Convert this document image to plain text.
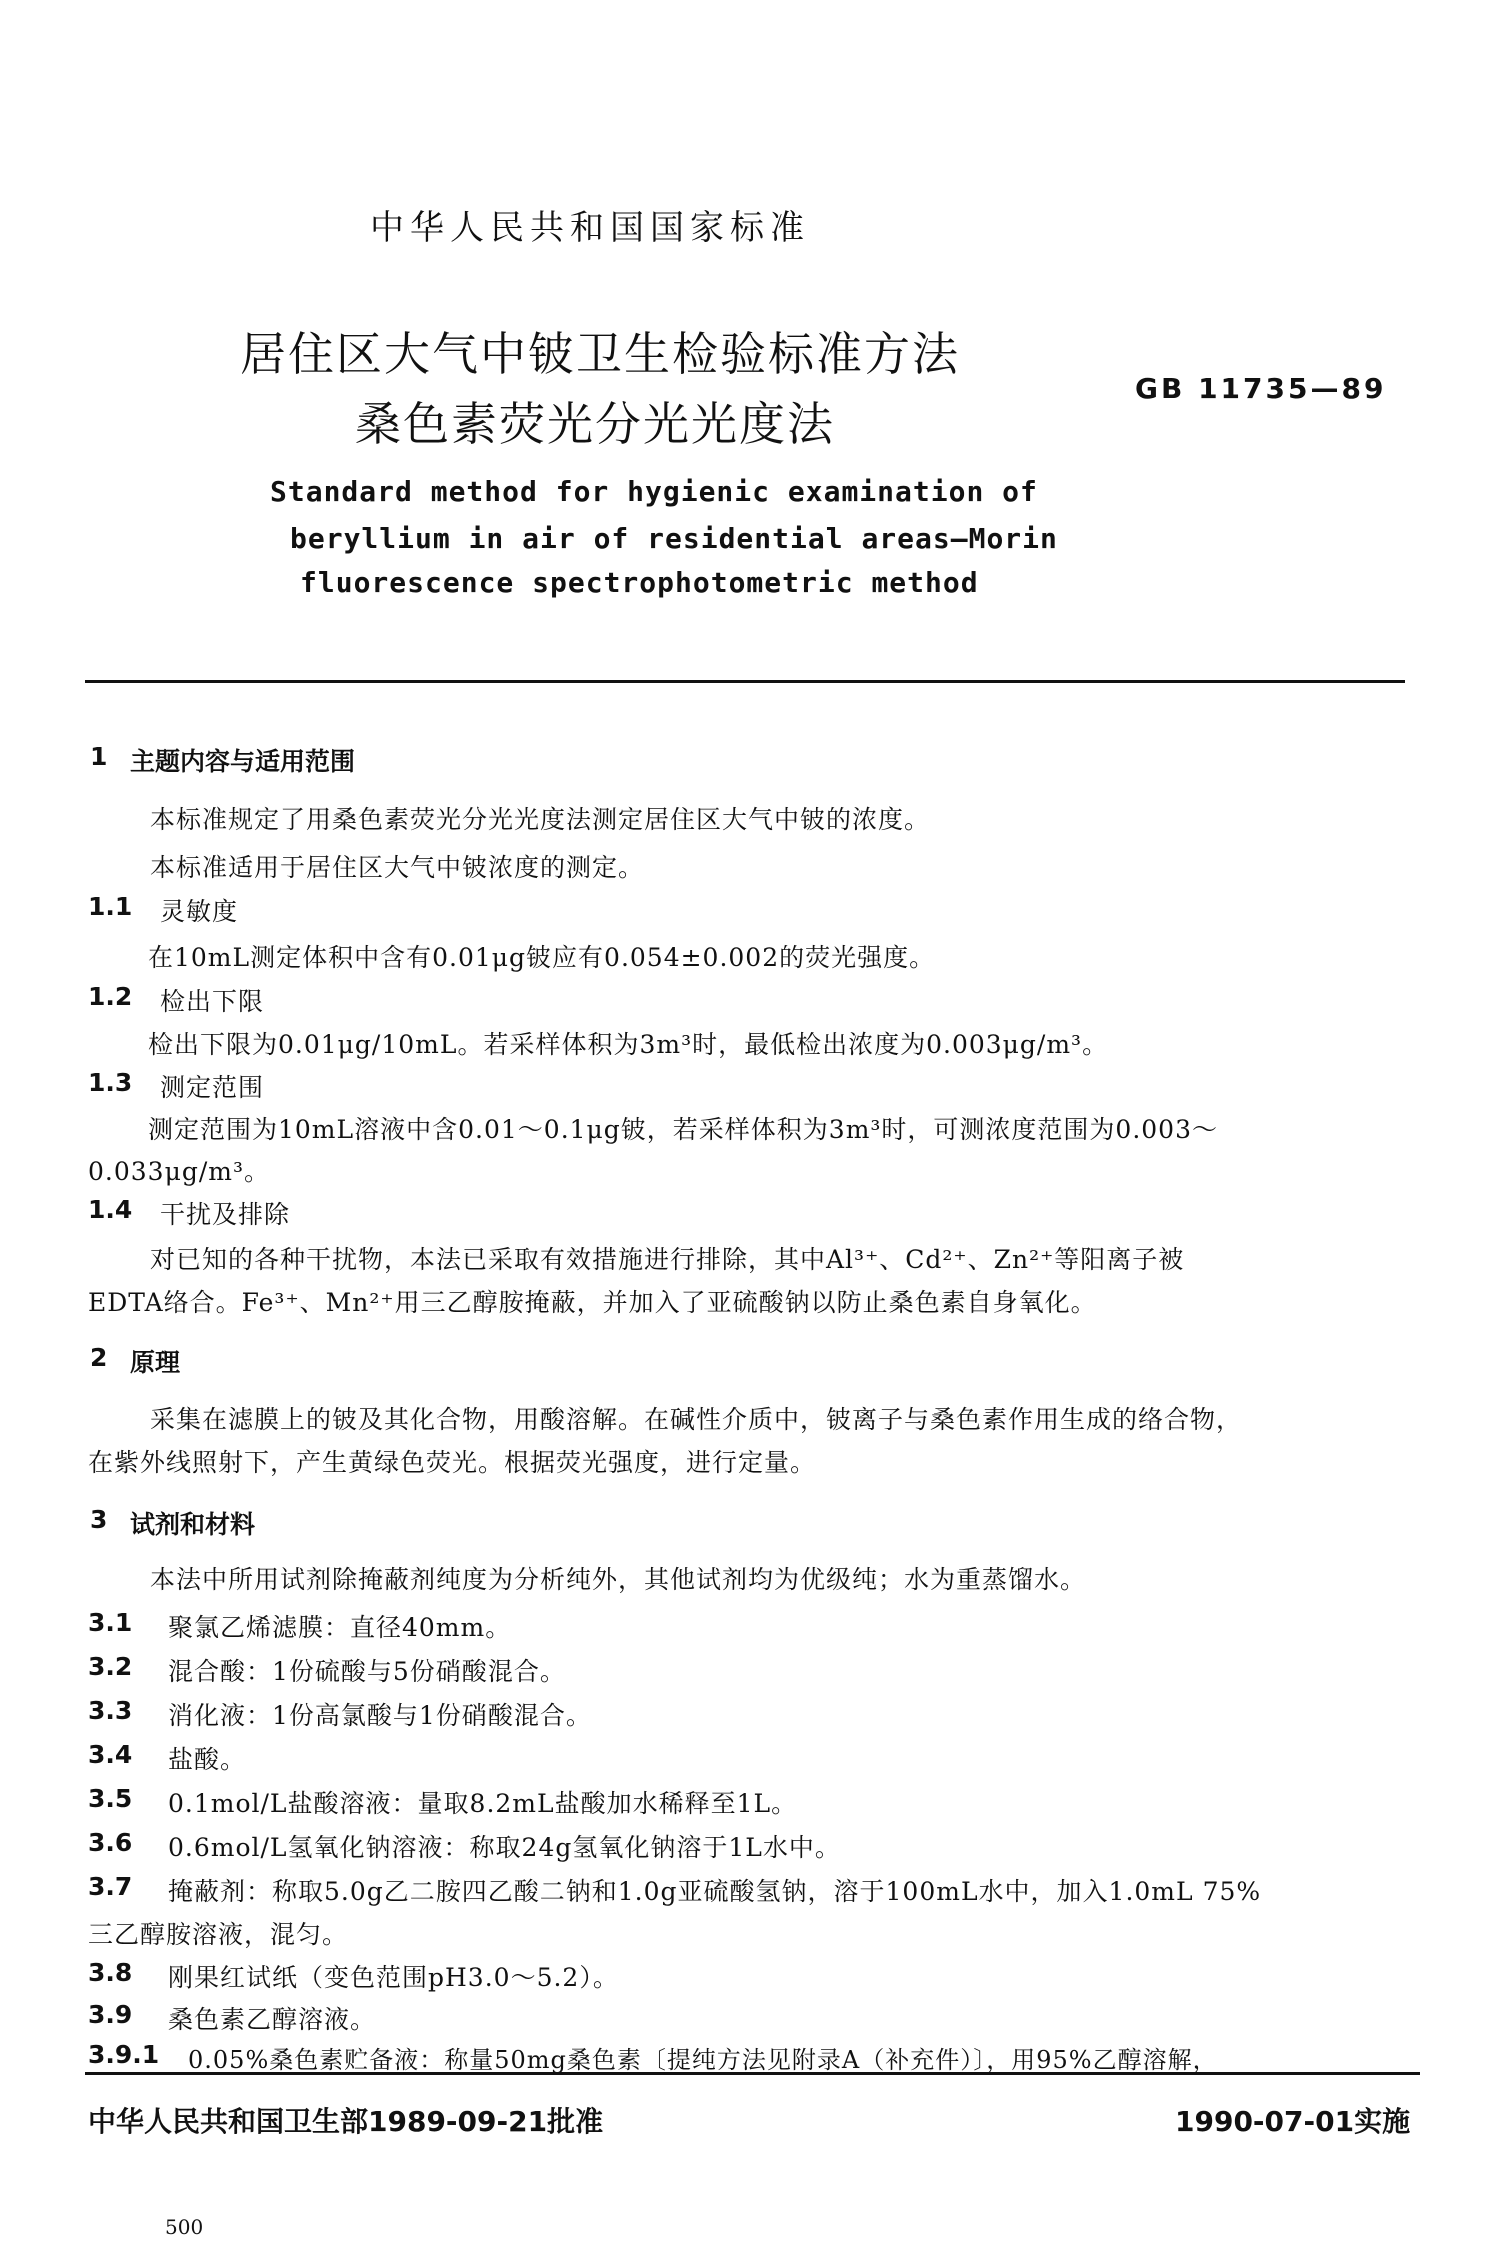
中华人民共和国国家标准
居住区大气中铍卫生检验标准方法
桑色素荧光分光光度法
GB 11735—89
Standard method for hygienic examination of
beryllium in air of residential areas—Morin
fluorescence spectrophotometric method
1 主题内容与适用范围
本标准规定了用桑色素荧光分光光度法测定居住区大气中铍的浓度。
本标准适用于居住区大气中铍浓度的测定。
1.1 灵敏度
在10mL测定体积中含有0.01μg铍应有0.054±0.002的荧光强度。
1.2 检出下限
检出下限为0.01μg/10mL。若采样体积为3m³时，最低检出浓度为0.003μg/m³。
1.3 测定范围
测定范围为10mL溶液中含0.01～0.1μg铍，若采样体积为3m³时，可测浓度范围为0.003～
0.033μg/m³。
1.4 干扰及排除
对已知的各种干扰物，本法已采取有效措施进行排除，其中Al³⁺、Cd²⁺、Zn²⁺等阳离子被
EDTA络合。Fe³⁺、Mn²⁺用三乙醇胺掩蔽，并加入了亚硫酸钠以防止桑色素自身氧化。
2 原理
采集在滤膜上的铍及其化合物，用酸溶解。在碱性介质中，铍离子与桑色素作用生成的络合物，
在紫外线照射下，产生黄绿色荧光。根据荧光强度，进行定量。
3 试剂和材料
本法中所用试剂除掩蔽剂纯度为分析纯外，其他试剂均为优级纯；水为重蒸馏水。
3.1 聚氯乙烯滤膜：直径40mm。
3.2 混合酸：1份硫酸与5份硝酸混合。
3.3 消化液：1份高氯酸与1份硝酸混合。
3.4 盐酸。
3.5 0.1mol/L盐酸溶液：量取8.2mL盐酸加水稀释至1L。
3.6 0.6mol/L氢氧化钠溶液：称取24g氢氧化钠溶于1L水中。
3.7 掩蔽剂：称取5.0g乙二胺四乙酸二钠和1.0g亚硫酸氢钠，溶于100mL水中，加入1.0mL 75%
三乙醇胺溶液，混匀。
3.8 刚果红试纸（变色范围pH3.0～5.2）。
3.9 桑色素乙醇溶液。
3.9.1 0.05%桑色素贮备液：称量50mg桑色素〔提纯方法见附录A（补充件）〕，用95%乙醇溶解，
中华人民共和国卫生部1989-09-21批准	1990-07-01实施
500
